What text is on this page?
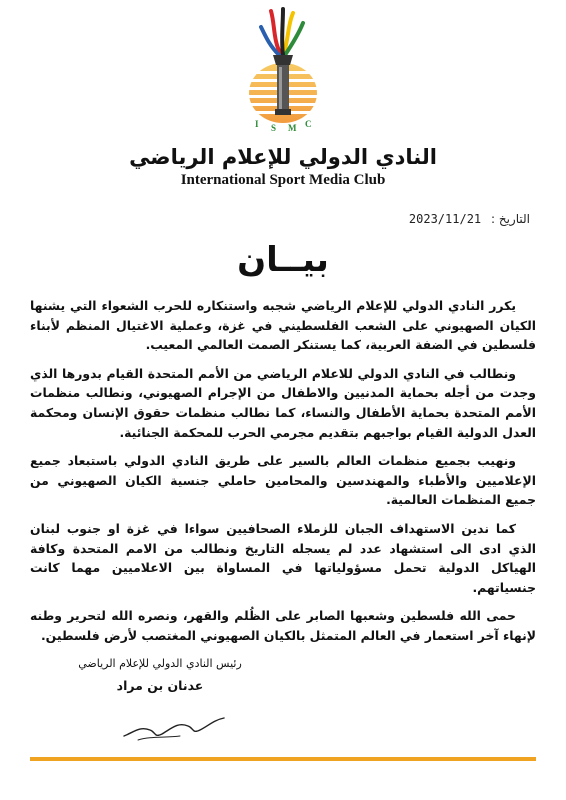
I S M C
النادي الدولي للإعلام الرياضي
International Sport Media Club
التاريخ : 2023/11/21
بيــان

يكرر النادي الدولي للإعلام الرياضي شجبه واستنكاره للحرب الشعواء التي يشنها الكيان الصهيوني على الشعب الفلسطيني في غزة، وعملية الاغتيال المنظم لأبناء فلسطين في الضفة العربية، كما يستنكر الصمت العالمي المعيب.

ونطالب في النادي الدولي للاعلام الرياضي من الأمم المتحدة القيام بدورها الذي وجدت من أجله بحماية المدنيين والاطفال من الإجرام الصهيوني، ونطالب منظمات الأمم المتحدة بحماية الأطفال والنساء، كما نطالب منظمات حقوق الإنسان ومحكمة العدل الدولية القيام بواجبهم بتقديم مجرمي الحرب للمحكمة الجنائية.

ونهيب بجميع منظمات العالم بالسير على طريق النادي الدولي باستبعاد جميع الإعلاميين والأطباء والمهندسين والمحامين حاملي جنسية الكيان الصهيوني من جميع المنظمات العالمية.

كما ندين الاستهداف الجبان للزملاء الصحافيين سواءا في غزة او جنوب لبنان الذي ادى الى استشهاد عدد لم يسجله التاريخ ونطالب من الامم المتحدة وكافة الهياكل الدولية تحمل مسؤولياتها في المساواة بين الاعلاميين مهما كانت جنسياتهم.

حمى الله فلسطين وشعبها الصابر على الظُلم والقهر، ونصره الله لتحرير وطنه لإنهاء آخر استعمار في العالم المتمثل بالكيان الصهيوني المغتصب لأرض فلسطين.

رئيس النادي الدولي للإعلام الرياضي
عدنان بن مراد
